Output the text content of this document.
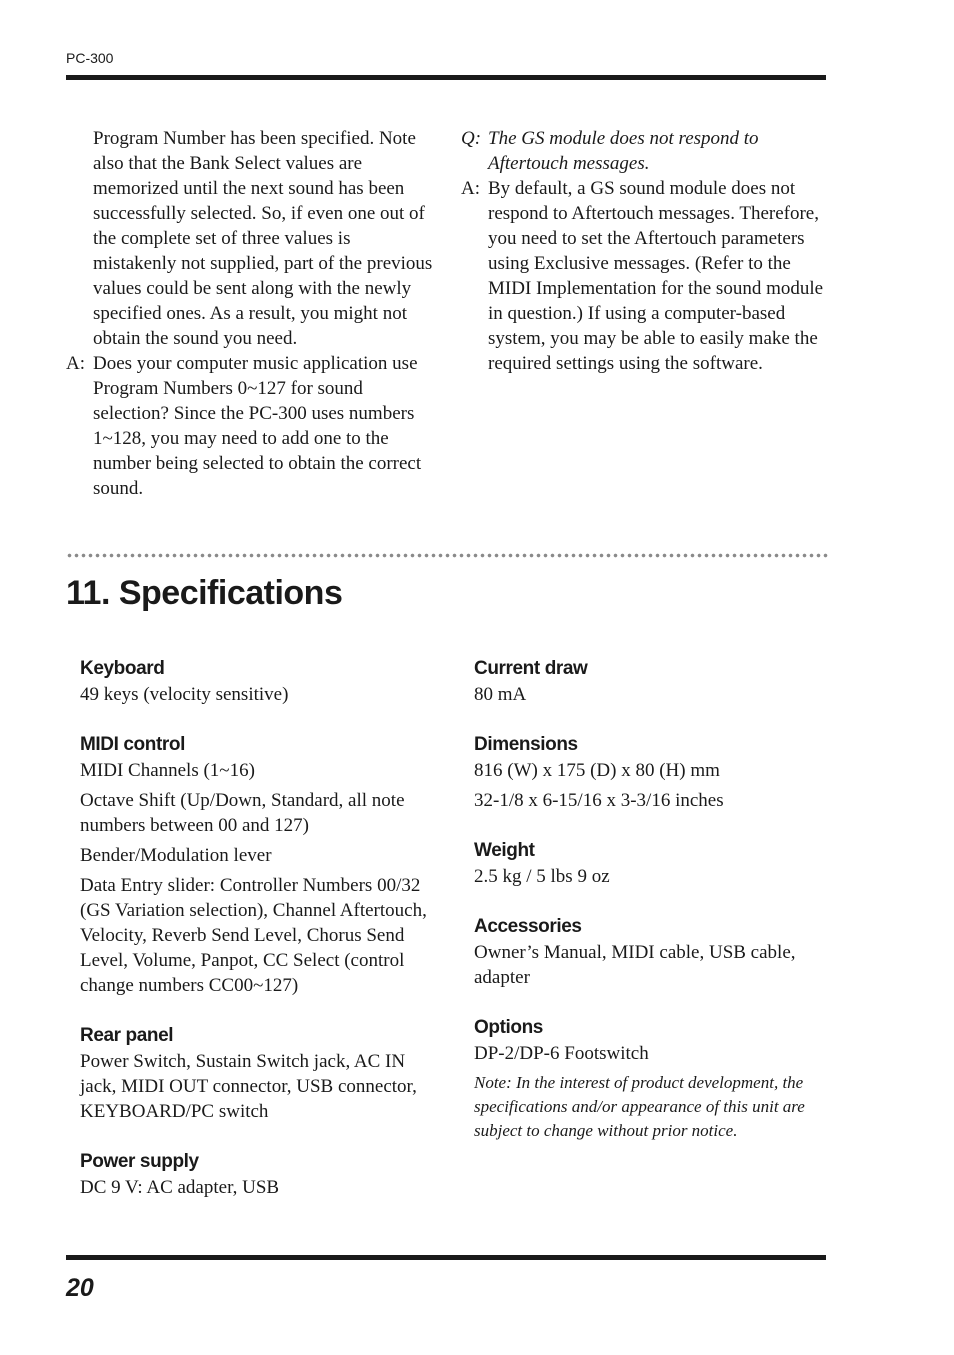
PC-300

Program Number has been specified. Note also that the Bank Select values are memorized until the next sound has been successfully selected. So, if even one out of the complete set of three values is mistakenly not supplied, part of the previous values could be sent along with the newly specified ones. As a result, you might not obtain the sound you need.

A: Does your computer music application use Program Numbers 0~127 for sound selection? Since the PC-300 uses numbers 1~128, you may need to add one to the number being selected to obtain the correct sound.
Q: The GS module does not respond to Aftertouch messages.
A: By default, a GS sound module does not respond to Aftertouch messages. Therefore, you need to set the Aftertouch parameters using Exclusive messages. (Refer to the MIDI Implementation for the sound module in question.) If using a computer-based system, you may be able to easily make the required settings using the software.
11. Specifications

Keyboard

49 keys (velocity sensitive)

MIDI control

MIDI Channels (1~16)

Octave Shift (Up/Down, Standard, all note numbers between 00 and 127)

Bender/Modulation lever

Data Entry slider: Controller Numbers 00/32 (GS Variation selection), Channel Aftertouch, Velocity, Reverb Send Level, Chorus Send Level, Volume, Panpot, CC Select (control change numbers CC00~127)

Rear panel

Power Switch, Sustain Switch jack, AC IN jack, MIDI OUT connector, USB connector, KEYBOARD/PC switch

Power supply

DC 9 V: AC adapter, USB

Current draw

80 mA

Dimensions

816 (W) x 175 (D) x 80 (H) mm

32-1/8 x 6-15/16 x 3-3/16 inches

Weight

2.5 kg / 5 lbs 9 oz

Accessories

Owner’s Manual, MIDI cable, USB cable, adapter

Options

DP-2/DP-6 Footswitch

Note: In the interest of product development, the specifications and/or appearance of this unit are subject to change without prior notice.

20
